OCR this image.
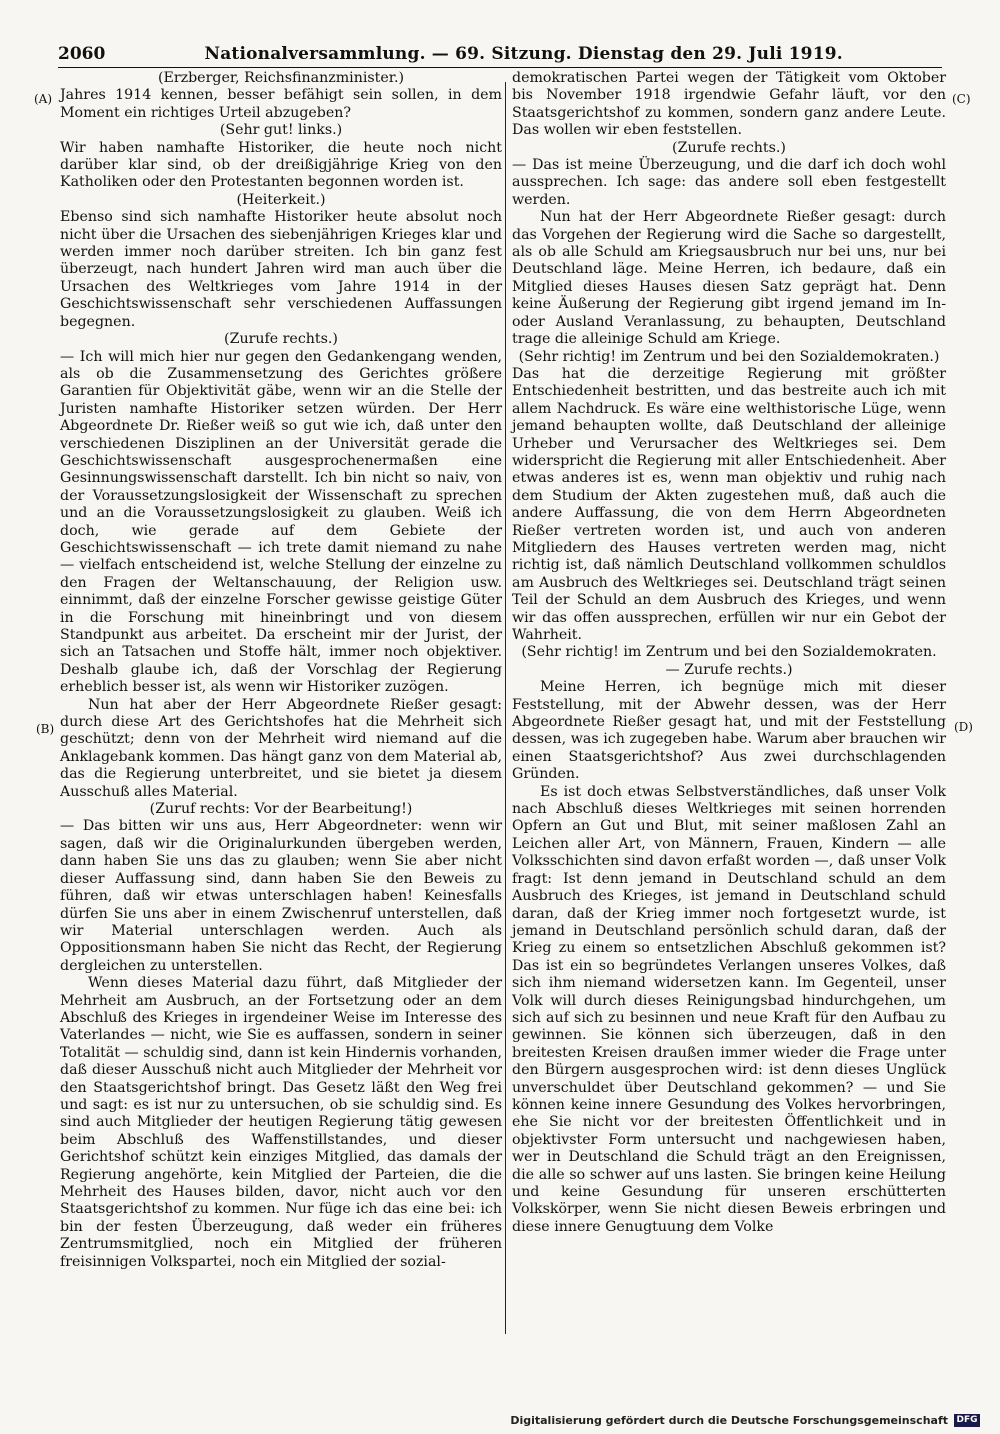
2060	Nationalversammlung. — 69. Sitzung. Dienstag den 29. Juli 1919.
(A)
(B)
(C)
(D)

(Erzberger, Reichsfinanzminister.)

Jahres 1914 kennen, besser befähigt sein sollen, in dem Moment ein richtiges Urteil abzugeben?

(Sehr gut! links.)

Wir haben namhafte Historiker, die heute noch nicht darüber klar sind, ob der dreißigjährige Krieg von den Katholiken oder den Protestanten begonnen worden ist.

(Heiterkeit.)

Ebenso sind sich namhafte Historiker heute absolut noch nicht über die Ursachen des siebenjährigen Krieges klar und werden immer noch darüber streiten. Ich bin ganz fest überzeugt, nach hundert Jahren wird man auch über die Ursachen des Weltkrieges vom Jahre 1914 in der Geschichtswissenschaft sehr verschiedenen Auffassungen begegnen.

(Zurufe rechts.)

— Ich will mich hier nur gegen den Gedankengang wenden, als ob die Zusammensetzung des Gerichtes größere Garantien für Objektivität gäbe, wenn wir an die Stelle der Juristen namhafte Historiker setzen würden. Der Herr Abgeordnete Dr. Rießer weiß so gut wie ich, daß unter den verschiedenen Disziplinen an der Universität gerade die Geschichtswissenschaft ausgesprochenermaßen eine Gesinnungswissenschaft darstellt. Ich bin nicht so naiv, von der Voraussetzungslosigkeit der Wissenschaft zu sprechen und an die Voraussetzungslosigkeit zu glauben. Weiß ich doch, wie gerade auf dem Gebiete der Geschichtswissenschaft — ich trete damit niemand zu nahe — vielfach entscheidend ist, welche Stellung der einzelne zu den Fragen der Weltanschauung, der Religion usw. einnimmt, daß der einzelne Forscher gewisse geistige Güter in die Forschung mit hineinbringt und von diesem Standpunkt aus arbeitet. Da erscheint mir der Jurist, der sich an Tatsachen und Stoffe hält, immer noch objektiver. Deshalb glaube ich, daß der Vorschlag der Regierung erheblich besser ist, als wenn wir Historiker zuzögen.

Nun hat aber der Herr Abgeordnete Rießer gesagt: durch diese Art des Gerichtshofes hat die Mehrheit sich geschützt; denn von der Mehrheit wird niemand auf die Anklagebank kommen. Das hängt ganz von dem Material ab, das die Regierung unterbreitet, und sie bietet ja diesem Ausschuß alles Material.

(Zuruf rechts: Vor der Bearbeitung!)

— Das bitten wir uns aus, Herr Abgeordneter: wenn wir sagen, daß wir die Originalurkunden übergeben werden, dann haben Sie uns das zu glauben; wenn Sie aber nicht dieser Auffassung sind, dann haben Sie den Beweis zu führen, daß wir etwas unterschlagen haben! Keinesfalls dürfen Sie uns aber in einem Zwischenruf unterstellen, daß wir Material unterschlagen werden. Auch als Oppositionsmann haben Sie nicht das Recht, der Regierung dergleichen zu unterstellen.

Wenn dieses Material dazu führt, daß Mitglieder der Mehrheit am Ausbruch, an der Fortsetzung oder an dem Abschluß des Krieges in irgendeiner Weise im Interesse des Vaterlandes — nicht, wie Sie es auffassen, sondern in seiner Totalität — schuldig sind, dann ist kein Hindernis vorhanden, daß dieser Ausschuß nicht auch Mitglieder der Mehrheit vor den Staatsgerichtshof bringt. Das Gesetz läßt den Weg frei und sagt: es ist nur zu untersuchen, ob sie schuldig sind. Es sind auch Mitglieder der heutigen Regierung tätig gewesen beim Abschluß des Waffenstillstandes, und dieser Gerichtshof schützt kein einziges Mitglied, das damals der Regierung angehörte, kein Mitglied der Parteien, die die Mehrheit des Hauses bilden, davor, nicht auch vor den Staatsgerichtshof zu kommen. Nur füge ich das eine bei: ich bin der festen Überzeugung, daß weder ein früheres Zentrumsmitglied, noch ein Mitglied der früheren freisinnigen Volkspartei, noch ein Mitglied der sozial-

demokratischen Partei wegen der Tätigkeit vom Oktober bis November 1918 irgendwie Gefahr läuft, vor den Staatsgerichtshof zu kommen, sondern ganz andere Leute. Das wollen wir eben feststellen.

(Zurufe rechts.)

— Das ist meine Überzeugung, und die darf ich doch wohl aussprechen. Ich sage: das andere soll eben festgestellt werden.

Nun hat der Herr Abgeordnete Rießer gesagt: durch das Vorgehen der Regierung wird die Sache so dargestellt, als ob alle Schuld am Kriegsausbruch nur bei uns, nur bei Deutschland läge. Meine Herren, ich bedaure, daß ein Mitglied dieses Hauses diesen Satz geprägt hat. Denn keine Äußerung der Regierung gibt irgend jemand im In- oder Ausland Veranlassung, zu behaupten, Deutschland trage die alleinige Schuld am Kriege.

(Sehr richtig! im Zentrum und bei den Sozialdemokraten.)

Das hat die derzeitige Regierung mit größter Entschiedenheit bestritten, und das bestreite auch ich mit allem Nachdruck. Es wäre eine welthistorische Lüge, wenn jemand behaupten wollte, daß Deutschland der alleinige Urheber und Verursacher des Weltkrieges sei. Dem widerspricht die Regierung mit aller Entschiedenheit. Aber etwas anderes ist es, wenn man objektiv und ruhig nach dem Studium der Akten zugestehen muß, daß auch die andere Auffassung, die von dem Herrn Abgeordneten Rießer vertreten worden ist, und auch von anderen Mitgliedern des Hauses vertreten werden mag, nicht richtig ist, daß nämlich Deutschland vollkommen schuldlos am Ausbruch des Weltkrieges sei. Deutschland trägt seinen Teil der Schuld an dem Ausbruch des Krieges, und wenn wir das offen aussprechen, erfüllen wir nur ein Gebot der Wahrheit.

(Sehr richtig! im Zentrum und bei den Sozialdemokraten. — Zurufe rechts.)

Meine Herren, ich begnüge mich mit dieser Feststellung, mit der Abwehr dessen, was der Herr Abgeordnete Rießer gesagt hat, und mit der Feststellung dessen, was ich zugegeben habe. Warum aber brauchen wir einen Staatsgerichtshof? Aus zwei durchschlagenden Gründen.

Es ist doch etwas Selbstverständliches, daß unser Volk nach Abschluß dieses Weltkrieges mit seinen horrenden Opfern an Gut und Blut, mit seiner maßlosen Zahl an Leichen aller Art, von Männern, Frauen, Kindern — alle Volksschichten sind davon erfaßt worden —, daß unser Volk fragt: Ist denn jemand in Deutschland schuld an dem Ausbruch des Krieges, ist jemand in Deutschland schuld daran, daß der Krieg immer noch fortgesetzt wurde, ist jemand in Deutschland persönlich schuld daran, daß der Krieg zu einem so entsetzlichen Abschluß gekommen ist? Das ist ein so begründetes Verlangen unseres Volkes, daß sich ihm niemand widersetzen kann. Im Gegenteil, unser Volk will durch dieses Reinigungsbad hindurchgehen, um sich auf sich zu besinnen und neue Kraft für den Aufbau zu gewinnen. Sie können sich überzeugen, daß in den breitesten Kreisen draußen immer wieder die Frage unter den Bürgern ausgesprochen wird: ist denn dieses Unglück unverschuldet über Deutschland gekommen? — und Sie können keine innere Gesundung des Volkes hervorbringen, ehe Sie nicht vor der breitesten Öffentlichkeit und in objektivster Form untersucht und nachgewiesen haben, wer in Deutschland die Schuld trägt an den Ereignissen, die alle so schwer auf uns lasten. Sie bringen keine Heilung und keine Gesundung für unseren erschütterten Volkskörper, wenn Sie nicht diesen Beweis erbringen und diese innere Genugtuung dem Volke

Digitalisierung gefördert durch die Deutsche Forschungsgemeinschaft DFG
